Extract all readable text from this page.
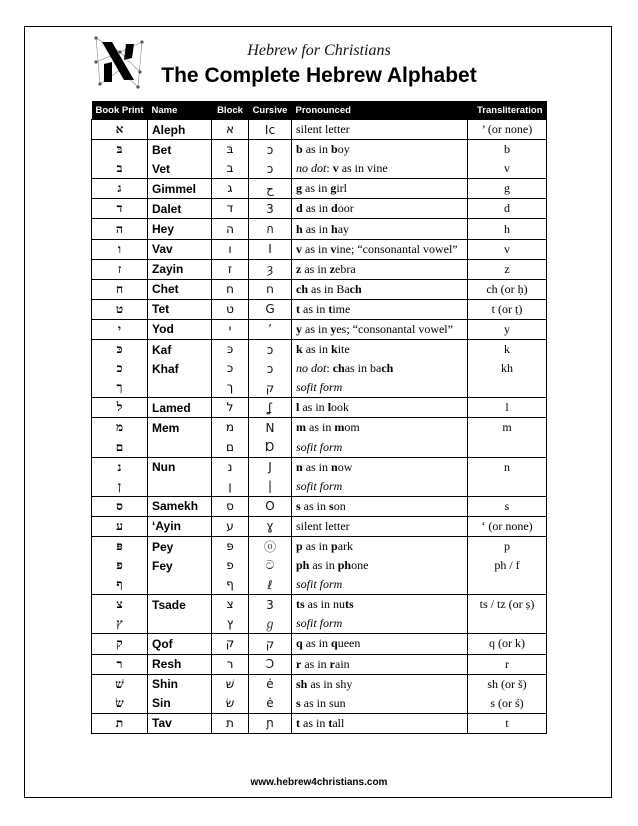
Hebrew for Christians
The Complete Hebrew Alphabet
Book Print	Name	Block	Cursive	Pronounced	Transliteration
א	Aleph	א	Ic	silent letter	’ (or none)
בּ	Bet	בּ	ↄ	b as in boy	b
ב	Vet	ב	ↄ	no dot: v as in vine	v
ג	Gimmel	ג	ح	g as in girl	g
ד	Dalet	ד	3	d as in door	d
ה	Hey	ה	ก	h as in hay	h
ו	Vav	ו	I	v as in vine; “consonantal vowel”	v
ז	Zayin	ז	ȝ	z as in zebra	z
ח	Chet	ח	ח	ch as in Bach	ch (or ḥ)
ט	Tet	ט	G	t as in time	t (or ṭ)
י	Yod	י	’	y as in yes; “consonantal vowel”	y
כּ	Kaf	כּ	ↄ	k as in kite	k
כ	Khaf	כ	ↄ	no dot: chas in bach	kh
ך		ך	ק	sofit form	
ל	Lamed	ל	ʆ	l as in look	l
מ	Mem	מ	N	m as in mom	m
ם		ם	Ɒ	sofit form	
נ	Nun	נ	J	n as in now	n
ן		ן	|	sofit form	
ס	Samekh	ס	O	s as in son	s
ע	‘Ayin	ע	ɣ	silent letter	‘ (or none)
פּ	Pey	פּ	ⓞ	p as in park	p
פ	Fey	פ	ට	ph as in phone	ph / f
ף		ף	ℓ	sofit form	
צ	Tsade	צ	3	ts as in nuts	ts / tz (or ṣ)
ץ		ץ	ℊ	sofit form	
ק	Qof	ק	ק	q as in queen	q (or k)
ר	Resh	ר	Ɔ	r as in rain	r
שׁ	Shin	שׁ	ė	sh as in shy	sh (or š)
שׂ	Sin	שׂ	ė	s as in sun	s (or ś)
ת	Tav	ת	ɲ	t as in tall	t
www.hebrew4christians.com
